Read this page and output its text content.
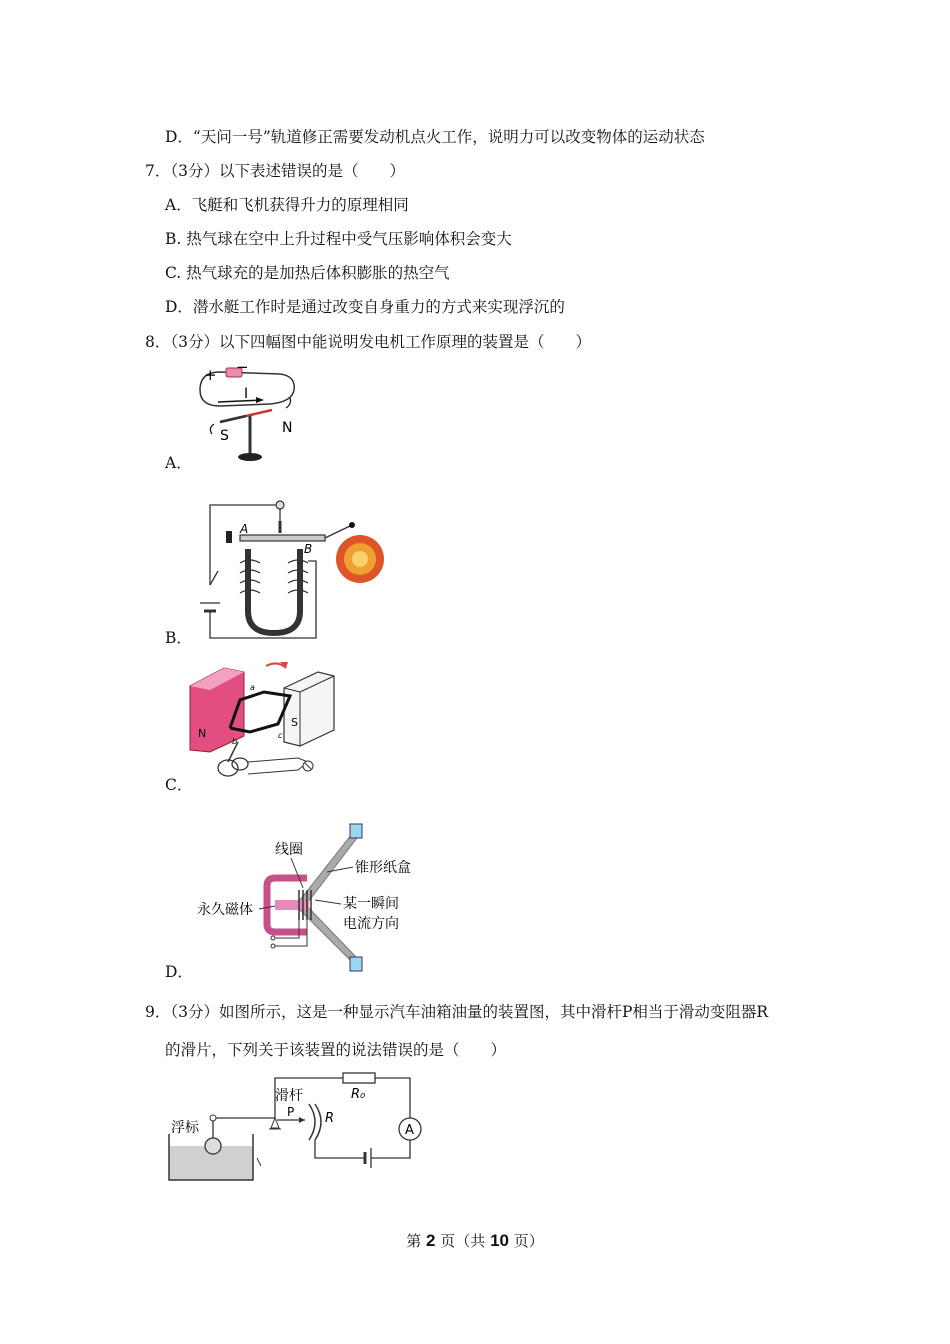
D．“天问一号”轨道修正需要发动机点火工作，说明力可以改变物体的运动状态
7．（3分）以下表述错误的是（　　）
A．飞艇和飞机获得升力的原理相同
B. 热气球在空中上升过程中受气压影响体积会变大
C. 热气球充的是加热后体积膨胀的热空气
D．潜水艇工作时是通过改变自身重力的方式来实现浮沉的
8．（3分）以下四幅图中能说明发电机工作原理的装置是（　　）
+ −
I
S	N
A．
A
B
B．
N
S
a
b
c
C．
线圈
锥形纸盒
永久磁体	某一瞬间
电流方向
D．
9．（3分）如图所示，这是一种显示汽车油箱油量的装置图，其中滑杆P相当于滑动变阻器R
的滑片，下列关于该装置的说法错误的是（　　）
浮标
滑杆
P R
R₀
A
第 2 页（共 10 页）
